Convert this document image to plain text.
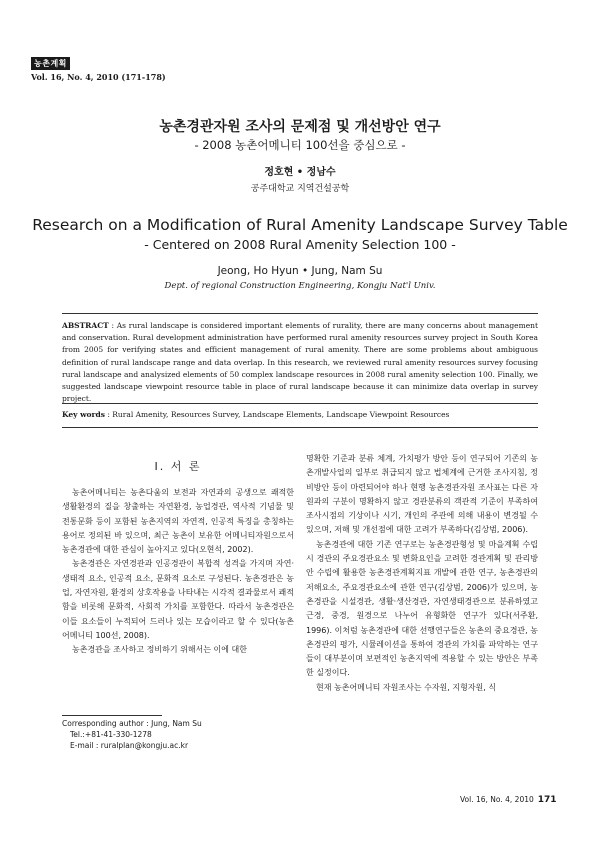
농촌계획
Vol. 16, No. 4, 2010 (171-178)
농촌경관자원 조사의 문제점 및 개선방안 연구
- 2008 농촌어메니티 100선을 중심으로 -
정호현 • 정남수
공주대학교 지역건설공학
Research on a Modification of Rural Amenity Landscape Survey Table
- Centered on 2008 Rural Amenity Selection 100 -
Jeong, Ho Hyun • Jung, Nam Su
Dept. of regional Construction Engineering, Kongju Nat'l Univ.
ABSTRACT : As rural landscape is considered important elements of rurality, there are many concerns about management and conservation. Rural development administration have performed rural amenity resources survey project in South Korea from 2005 for verifying states and efficient management of rural amenity. There are some problems about ambiguous definition of rural landscape range and data overlap. In this research, we reviewed rural amenity resources survey focusing rural landscape and analysized elements of 50 complex landscape resources in 2008 rural amenity selection 100. Finally, we suggested landscape viewpoint resource table in place of rural landscape because it can minimize data overlap in survey project.
Key words : Rural Amenity, Resources Survey, Landscape Elements, Landscape Viewpoint Resources
Ⅰ. 서 론

농촌어메니티는 농촌다움의 보전과 자연과의 공생으로 쾌적한 생활환경의 질을 창출하는 자연환경, 농업경관, 역사적 기념물 및 전통문화 등이 포함된 농촌지역의 자연적, 인공적 특징을 총칭하는 용어로 정의된 바 있으며, 최근 농촌이 보유한 어메니티자원으로서 농촌경관에 대한 관심이 높아지고 있다(오현석, 2002).

농촌경관은 자연경관과 인공경관이 복합적 성격을 가지며 자연·생태적 요소, 인공적 요소, 문화적 요소로 구성된다. 농촌경관은 농업, 자연자원, 환경의 상호작용을 나타내는 시각적 결과물로서 쾌적함을 비롯해 문화적, 사회적 가치를 포함한다. 따라서 농촌경관은 이들 요소들이 누적되어 드러나 있는 모습이라고 할 수 있다(농촌어메니티 100선, 2008).

농촌경관을 조사하고 정비하기 위해서는 이에 대한

명확한 기준과 분류 체계, 가치평가 방안 등이 연구되어 기존의 농촌개발사업의 일부로 취급되지 않고 법체계에 근거한 조사지침, 정비방안 등이 마련되어야 하나 현행 농촌경관자원 조사표는 다른 자원과의 구분이 명확하지 않고 경관분류의 객관적 기준이 부족하여 조사시점의 기상이나 시기, 개인의 주관에 의해 내용이 변경될 수 있으며, 저해 및 개선점에 대한 고려가 부족하다(김상범, 2006).

농촌경관에 대한 기존 연구로는 농촌경관형성 및 마을계획 수립시 경관의 주요경관요소 및 변화요인을 고려한 경관계획 및 관리방안 수립에 활용한 농촌경관계획지표 개발에 관한 연구, 농촌경관의 저해요소, 주요경관요소에 관한 연구(김상범, 2006)가 있으며, 농촌경관을 시설경관, 생활·생산경관, 자연생태경관으로 분류하였고 근경, 중경, 원경으로 나누어 유형화한 연구가 있다(서주환, 1996). 이처럼 농촌경관에 대한 선행연구들은 농촌의 중요경관, 농촌경관의 평가, 시뮬레이션을 통하여 경관의 가치를 파악하는 연구들이 대부분이며 보편적인 농촌지역에 적용할 수 있는 방안은 부족한 실정이다.

현재 농촌어메니티 자원조사는 수자원, 지형자원, 식

Corresponding author : Jung, Nam Su
Tel.:+81-41-330-1278
E-mail : ruralplan@kongju.ac.kr
Vol. 16, No. 4, 2010 171
